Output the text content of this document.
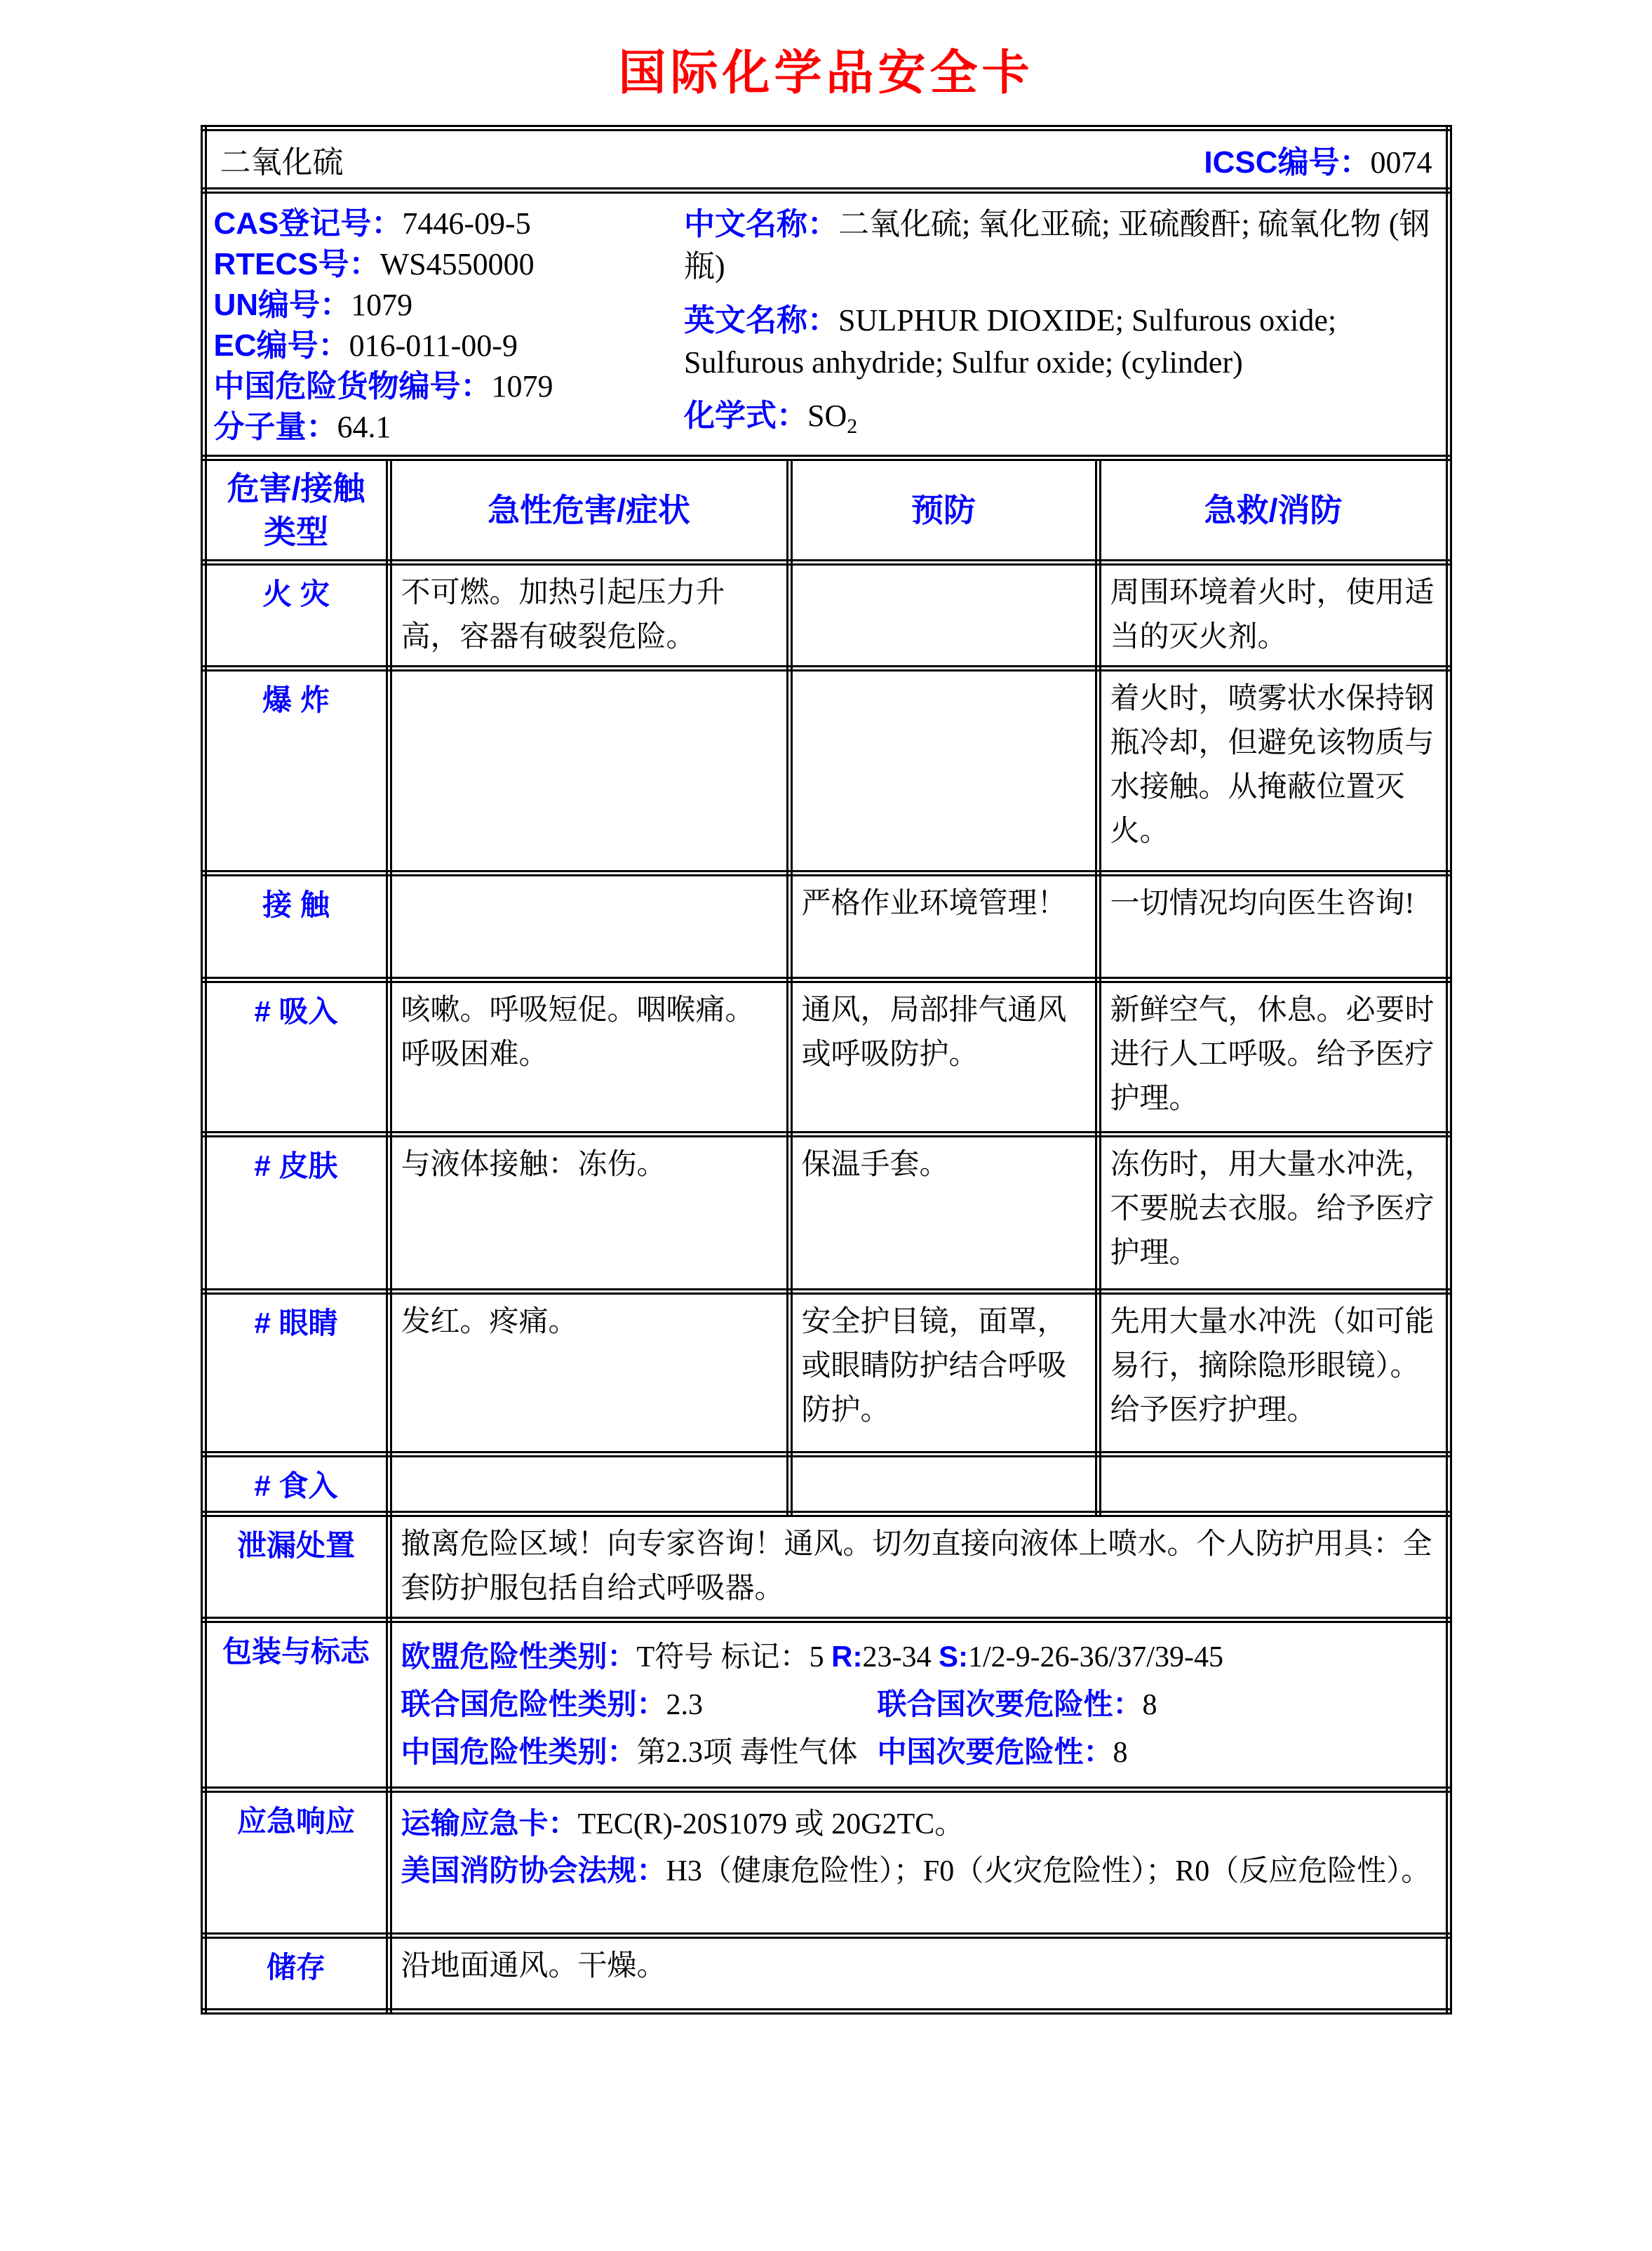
国际化学品安全卡
二氧化硫 ICSC编号：0074			

CAS登记号：7446-09-5
RTECS号：WS4550000
UN编号：1079
EC编号：016-011-00-9
中国危险货物编号：1079
分子量：64.1
中文名称：二氧化硫; 氧化亚硫; 亚硫酸酐; 硫氧化物 (钢瓶)
英文名称：SULPHUR DIOXIDE; Sulfurous oxide; Sulfurous anhydride; Sulfur oxide; (cylinder)
化学式：$SO_2$

危害/接触类型	急性危害/症状	预防	急救/消防
火 灾	不可燃。加热引起压力升高，容器有破裂危险。		周围环境着火时，使用适当的灭火剂。
爆 炸			着火时，喷雾状水保持钢瓶冷却，但避免该物质与水接触。从掩蔽位置灭火。
接 触		严格作业环境管理！	一切情况均向医生咨询!
# 吸入	咳嗽。呼吸短促。咽喉痛。呼吸困难。	通风，局部排气通风或呼吸防护。	新鲜空气，休息。必要时进行人工呼吸。给予医疗护理。
# 皮肤	与液体接触：冻伤。	保温手套。	冻伤时，用大量水冲洗，不要脱去衣服。给予医疗护理。
# 眼睛	发红。疼痛。	安全护目镜，面罩，或眼睛防护结合呼吸防护。	先用大量水冲洗（如可能易行，摘除隐形眼镜）。给予医疗护理。
# 食入			
泄漏处置	撤离危险区域！向专家咨询！通风。切勿直接向液体上喷水。个人防护用具：全套防护服包括自给式呼吸器。		
包装与标志	欧盟危险性类别：T符号 标记：5 R:23-34 S:1/2-9-26-36/37/39-45
联合国危险性类别：2.3 联合国次要危险性：8
中国危险性类别：第2.3项 毒性气体 中国次要危险性：8		

应急响应	运输应急卡：TEC(R)-20S1079 或 20G2TC。
美国消防协会法规：H3（健康危险性）；F0（火灾危险性）；R0（反应危险性）。		

储存	沿地面通风。干燥。		
